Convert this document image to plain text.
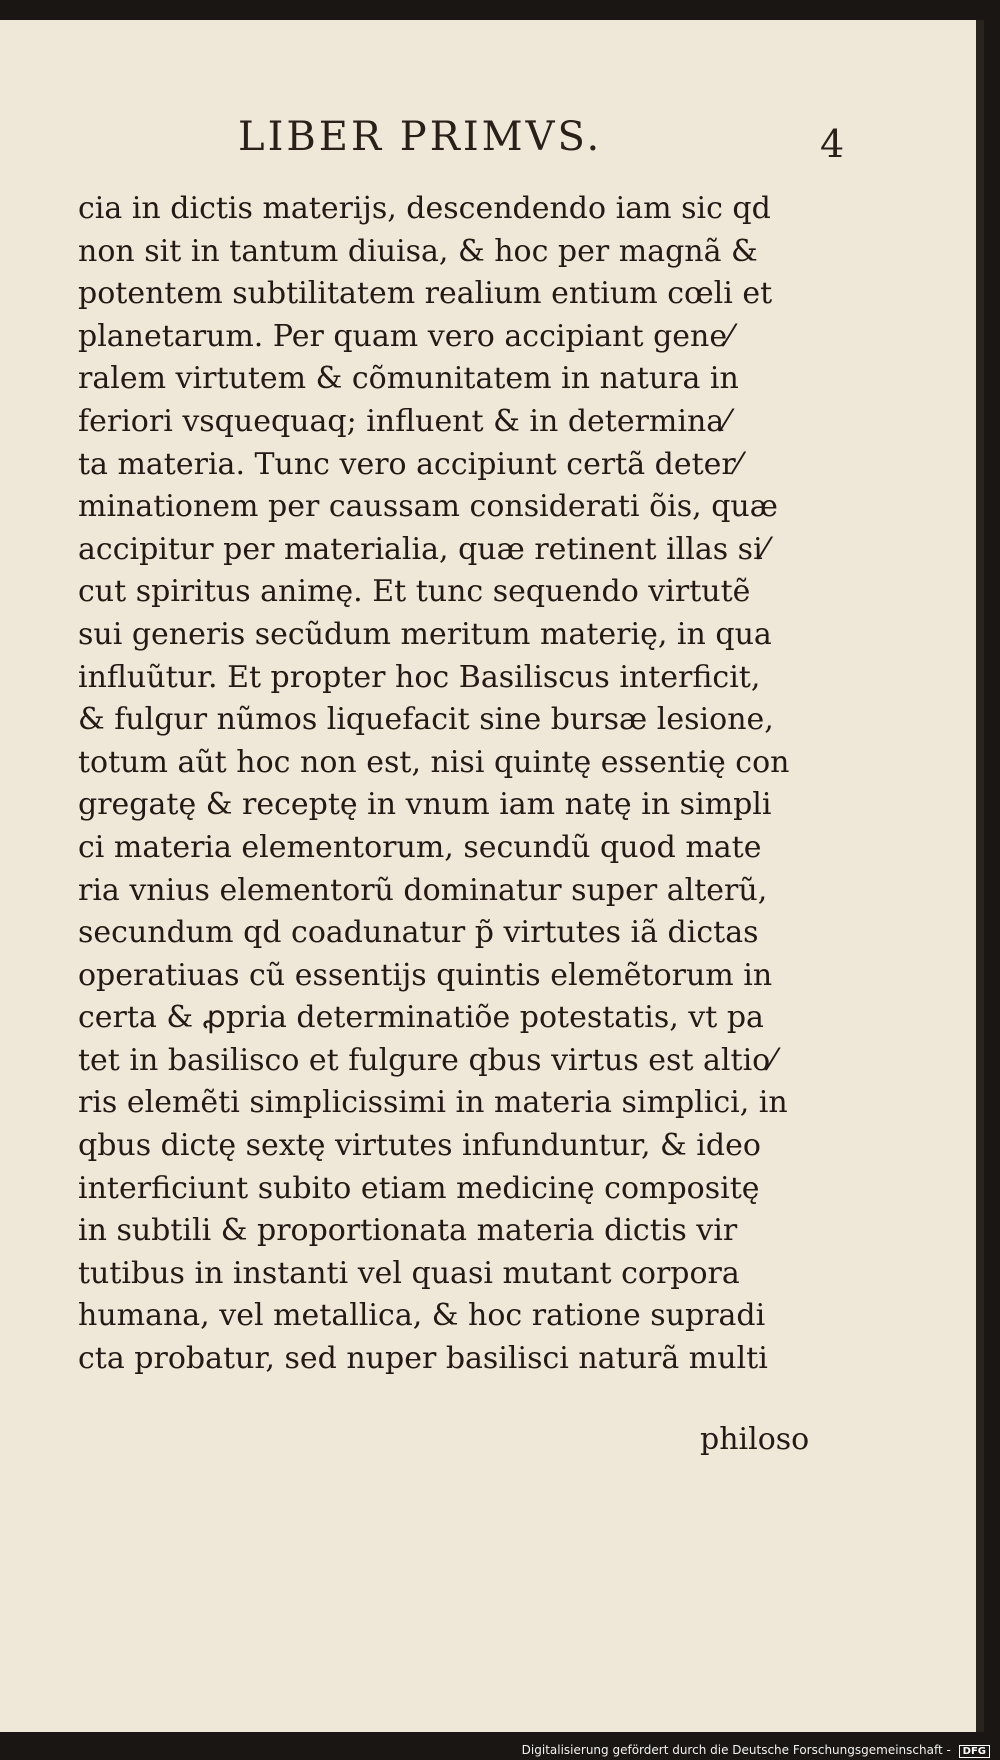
LIBER PRIMVS.	4
cia in dictis materijs, descendendo iam sic qd
non sit in tantum diuisa, & hoc per magnã &
potentem subtilitatem realium entium cœli et
planetarum. Per quam vero accipiant gene⁄
ralem virtutem & cõmunitatem in natura in
feriori vsquequaq; influent & in determina⁄
ta materia. Tunc vero accipiunt certã deter⁄
minationem per caussam considerati õis, quæ
accipitur per materialia, quæ retinent illas si⁄
cut spiritus animę. Et tunc sequendo virtutẽ
sui generis secũdum meritum materię, in qua
influũtur. Et propter hoc Basiliscus interficit,
& fulgur nũmos liquefacit sine bursæ lesione,
totum aũt hoc non est, nisi quintę essentię con
gregatę & receptę in vnum iam natę in simpli
ci materia elementorum, secundũ quod mate
ria vnius elementorũ dominatur super alterũ,
secundum qd coadunatur p̃ virtutes iã dictas
operatiuas cũ essentijs quintis elemẽtorum in
certa & ꝓpria determinatiõe potestatis, vt pa
tet in basilisco et fulgure qbus virtus est altio⁄
ris elemẽti simplicissimi in materia simplici, in
qbus dictę sextę virtutes infunduntur, & ideo
interficiunt subito etiam medicinę compositę
in subtili & proportionata materia dictis vir
tutibus in instanti vel quasi mutant corpora
humana, vel metallica, & hoc ratione supradi
cta probatur, sed nuper basilisci naturã multi
philoso
Digitalisierung gefördert durch die Deutsche Forschungsgemeinschaft - DFG
